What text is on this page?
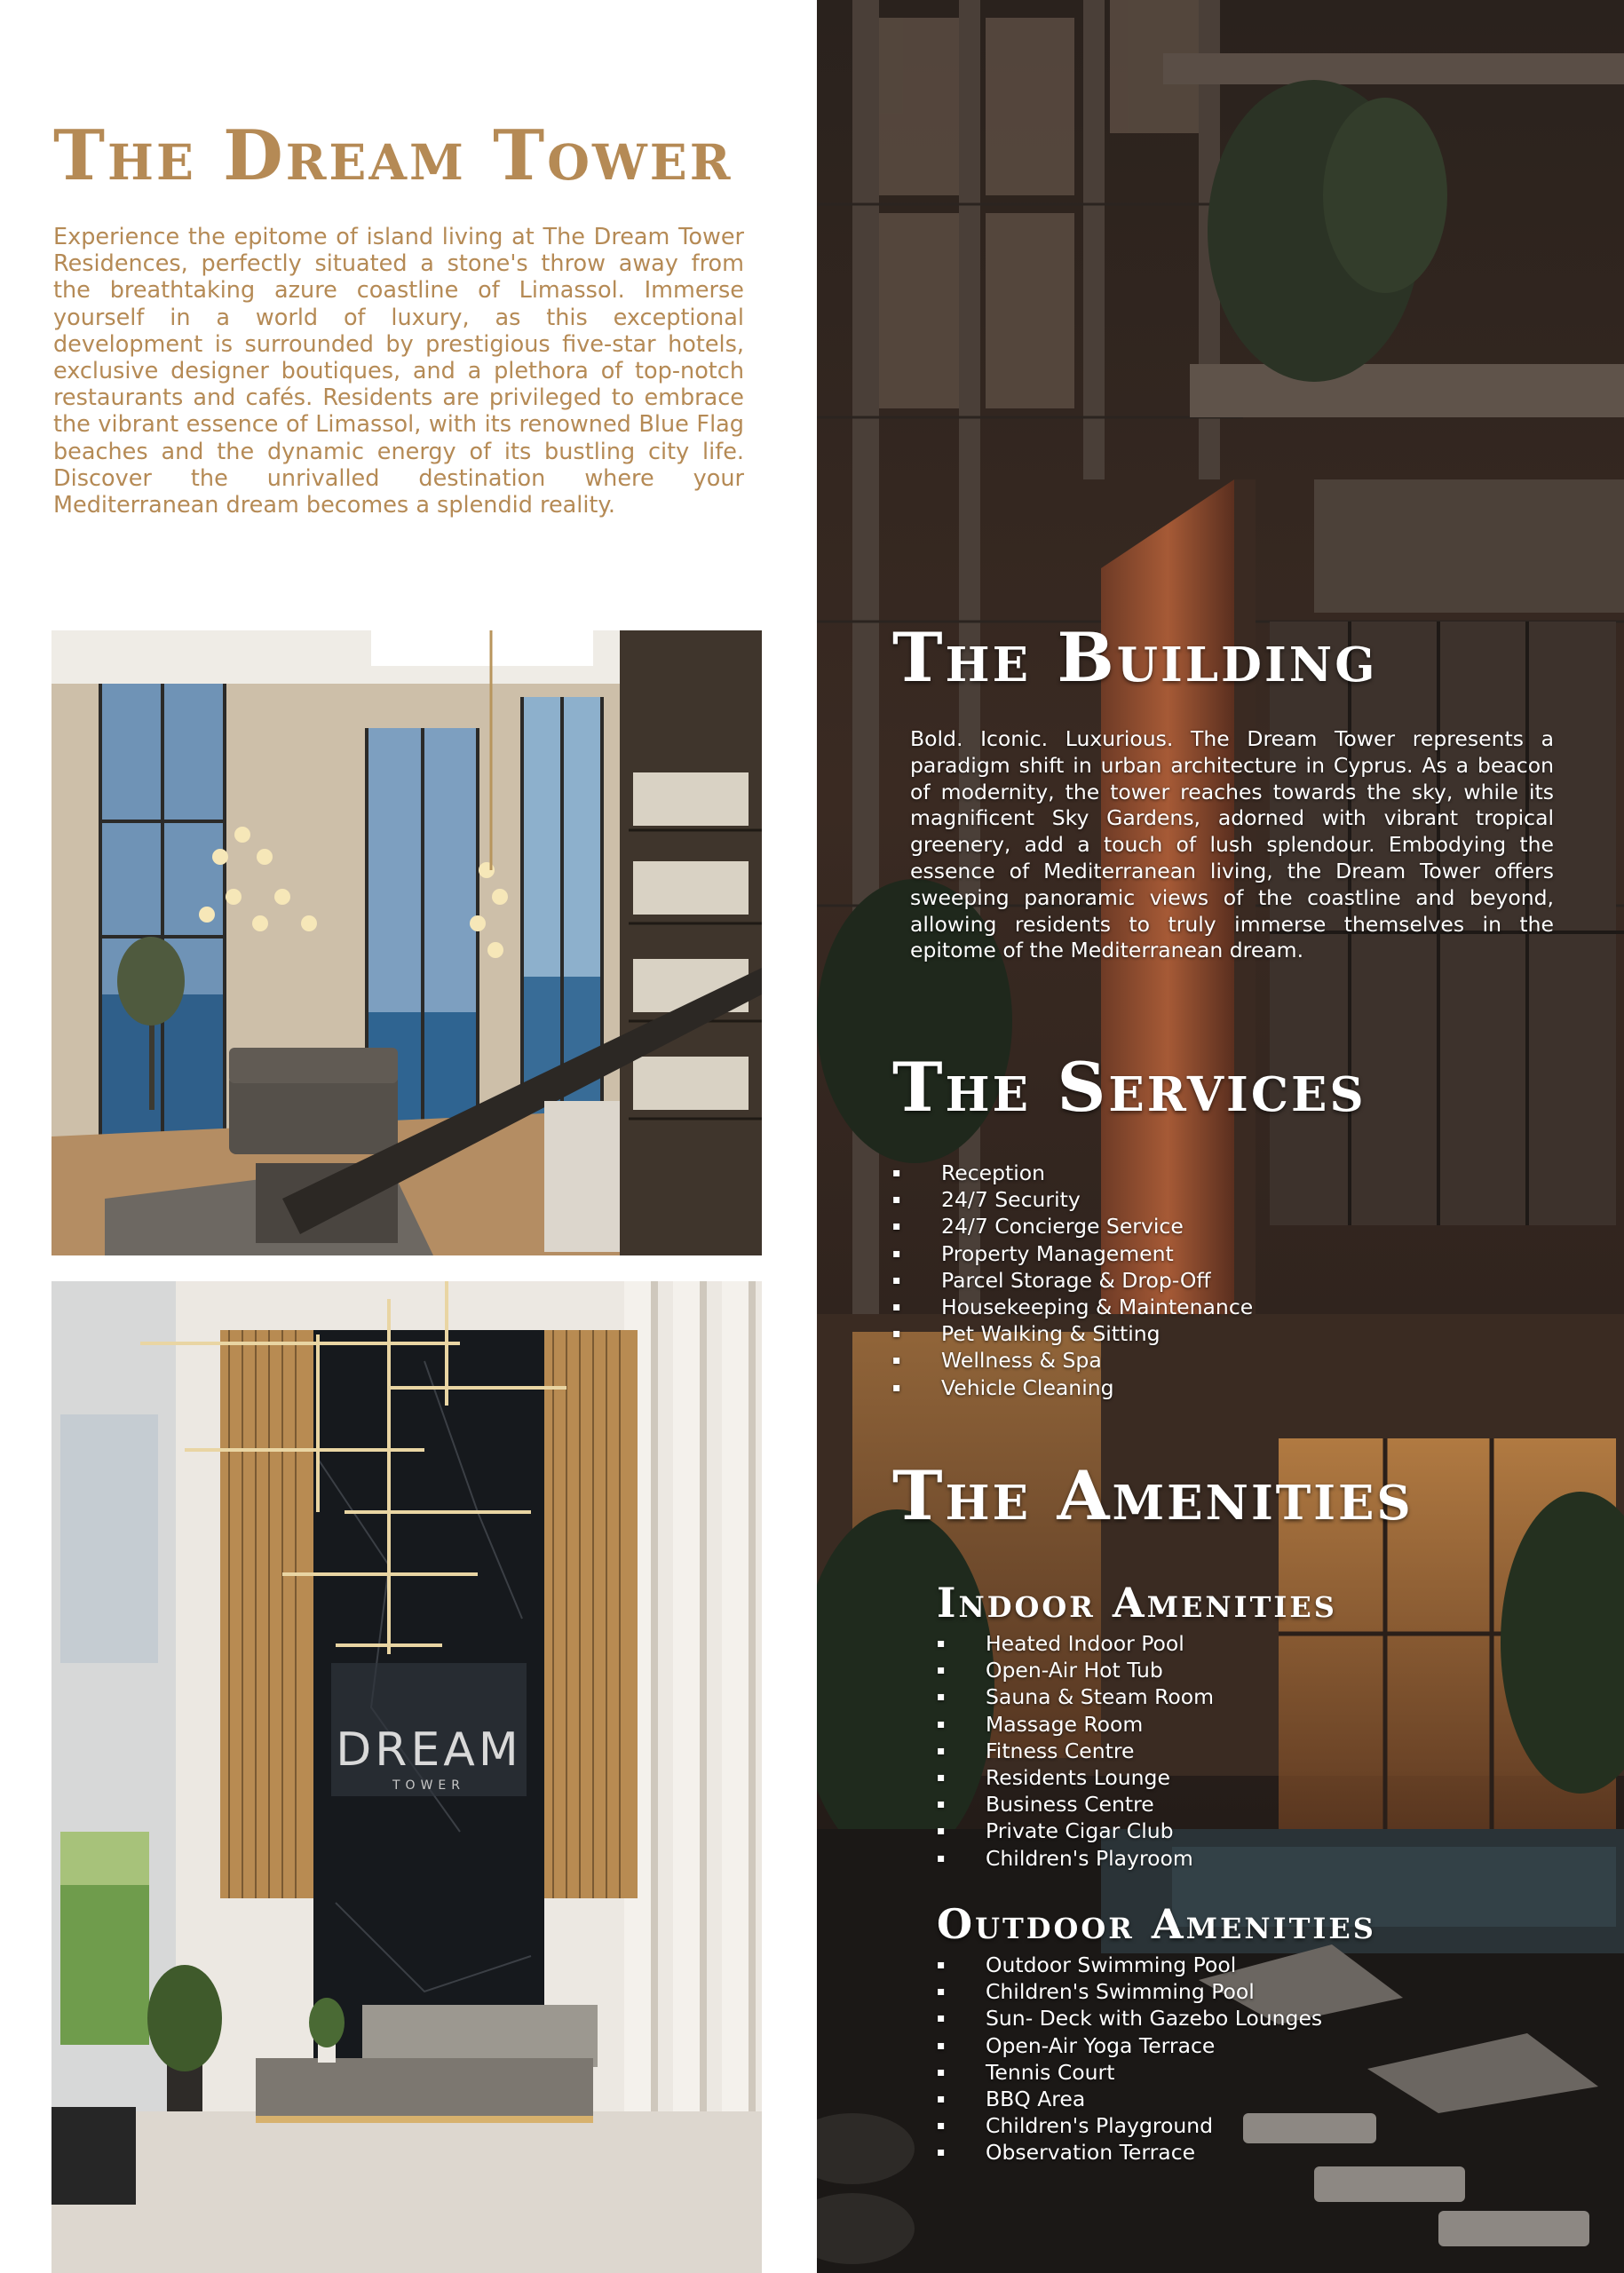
The Dream Tower

Experience the epitome of island living at The Dream Tower Residences, perfectly situated a stone's throw away from the breathtaking azure coastline of Limassol. Immerse yourself in a world of luxury, as this exceptional development is surrounded by prestigious five-star hotels, exclusive designer boutiques, and a plethora of top-notch restaurants and cafés. Residents are privileged to embrace the vibrant essence of Limassol, with its renowned Blue Flag beaches and the dynamic energy of its bustling city life. Discover the unrivalled destination where your Mediterranean dream becomes a splendid reality.

DREAM
TOWER
The Building

Bold. Iconic. Luxurious. The Dream Tower represents a paradigm shift in urban architecture in Cyprus. As a beacon of modernity, the tower reaches towards the sky, while its magnificent Sky Gardens, adorned with vibrant tropical greenery, add a touch of lush splendour. Embodying the essence of Mediterranean living, the Dream Tower offers sweeping panoramic views of the coastline and beyond, allowing residents to truly immerse themselves in the epitome of the Mediterranean dream.

The Services
▪ Reception
▪ 24/7 Security
▪ 24/7 Concierge Service
▪ Property Management
▪ Parcel Storage & Drop-Off
▪ Housekeeping & Maintenance
▪ Pet Walking & Sitting
▪ Wellness & Spa
▪ Vehicle Cleaning
The Amenities
Indoor Amenities
▪ Heated Indoor Pool
▪ Open-Air Hot Tub
▪ Sauna & Steam Room
▪ Massage Room
▪ Fitness Centre
▪ Residents Lounge
▪ Business Centre
▪ Private Cigar Club
▪ Children's Playroom
Outdoor Amenities
▪ Outdoor Swimming Pool
▪ Children's Swimming Pool
▪ Sun- Deck with Gazebo Lounges
▪ Open-Air Yoga Terrace
▪ Tennis Court
▪ BBQ Area
▪ Children's Playground
▪ Observation Terrace
